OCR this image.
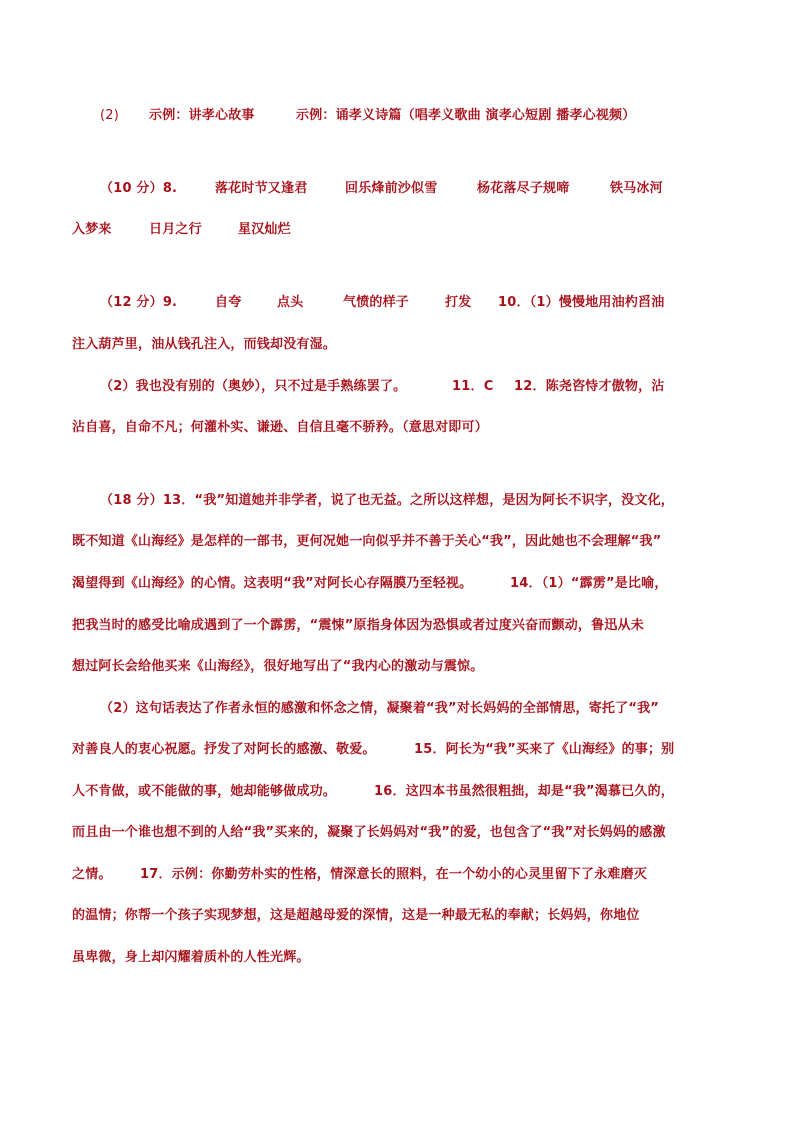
(2) 示例：讲孝心故事	示例：诵孝义诗篇（唱孝义歌曲 演孝心短剧 播孝心视频）
（10 分）8.	落花时节又逢君	回乐烽前沙似雪	杨花落尽子规啼	铁马冰河
入梦来	日月之行	星汉灿烂
（12 分）9.	自夸	点头	气愤的样子	打发 10．（1）慢慢地用油杓舀油
注入葫芦里，油从钱孔注入，而钱却没有湿。
（2）我也没有别的（奥妙），只不过是手熟练罢了。	11．C 12．陈尧咨恃才傲物，沾
沾自喜，自命不凡；何灌朴实、谦逊、自信且毫不骄矜。（意思对即可）
（18 分）13．“我”知道她并非学者，说了也无益。之所以这样想，是因为阿长不识字，没文化，
既不知道《山海经》是怎样的一部书，更何况她一向似乎并不善于关心“我”，因此她也不会理解“我”
渴望得到《山海经》的心情。这表明“我”对阿长心存隔膜乃至轻视。	14．（1）“霹雳”是比喻，
把我当时的感受比喻成遇到了一个霹雳，“震悚”原指身体因为恐惧或者过度兴奋而颤动，鲁迅从未
想过阿长会给他买来《山海经》，很好地写出了“我内心的激动与震惊。
（2）这句话表达了作者永恒的感激和怀念之情，凝聚着“我”对长妈妈的全部情思，寄托了“我”
对善良人的衷心祝愿。抒发了对阿长的感激、敬爱。	15．阿长为“我”买来了《山海经》的事；别
人不肯做，或不能做的事，她却能够做成功。	16．这四本书虽然很粗拙，却是“我”渴慕已久的，
而且由一个谁也想不到的人给“我”买来的，凝聚了长妈妈对“我”的爱，也包含了“我”对长妈妈的感激
之情。 17．示例：你勤劳朴实的性格，情深意长的照料，在一个幼小的心灵里留下了永难磨灭
的温情；你帮一个孩子实现梦想，这是超越母爱的深情，这是一种最无私的奉献；长妈妈，你地位
虽卑微，身上却闪耀着质朴的人性光辉。
